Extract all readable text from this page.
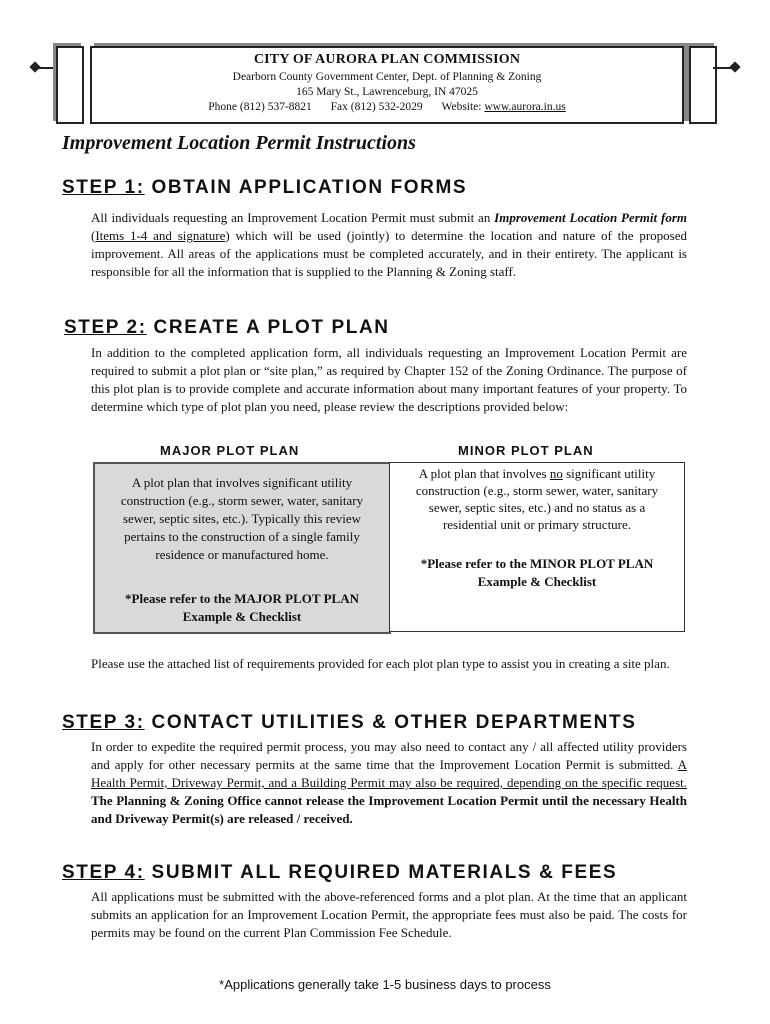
CITY OF AURORA PLAN COMMISSION
Dearborn County Government Center, Dept. of Planning & Zoning
165 Mary St., Lawrenceburg, IN 47025
Phone (812) 537-8821 Fax (812) 532-2029 Website: www.aurora.in.us
Improvement Location Permit Instructions
STEP 1: OBTAIN APPLICATION FORMS
All individuals requesting an Improvement Location Permit must submit an Improvement Location Permit form (Items 1-4 and signature) which will be used (jointly) to determine the location and nature of the proposed improvement. All areas of the applications must be completed accurately, and in their entirety. The applicant is responsible for all the information that is supplied to the Planning & Zoning staff.
STEP 2: CREATE A PLOT PLAN
In addition to the completed application form, all individuals requesting an Improvement Location Permit are required to submit a plot plan or “site plan,” as required by Chapter 152 of the Zoning Ordinance. The purpose of this plot plan is to provide complete and accurate information about many important features of your property. To determine which type of plot plan you need, please review the descriptions provided below:
MAJOR PLOT PLAN	MINOR PLOT PLAN
A plot plan that involves significant utility construction (e.g., storm sewer, water, sanitary sewer, septic sites, etc.). Typically this review pertains to the construction of a single family residence or manufactured home.
*Please refer to the MAJOR PLOT PLAN Example & Checklist
A plot plan that involves no significant utility construction (e.g., storm sewer, water, sanitary sewer, septic sites, etc.) and no status as a residential unit or primary structure.
*Please refer to the MINOR PLOT PLAN Example & Checklist
Please use the attached list of requirements provided for each plot plan type to assist you in creating a site plan.
STEP 3: CONTACT UTILITIES & OTHER DEPARTMENTS
In order to expedite the required permit process, you may also need to contact any / all affected utility providers and apply for other necessary permits at the same time that the Improvement Location Permit is submitted. A Health Permit, Driveway Permit, and a Building Permit may also be required, depending on the specific request. The Planning & Zoning Office cannot release the Improvement Location Permit until the necessary Health and Driveway Permit(s) are released / received.
STEP 4: SUBMIT ALL REQUIRED MATERIALS & FEES
All applications must be submitted with the above-referenced forms and a plot plan. At the time that an applicant submits an application for an Improvement Location Permit, the appropriate fees must also be paid. The costs for permits may be found on the current Plan Commission Fee Schedule.
*Applications generally take 1-5 business days to process
